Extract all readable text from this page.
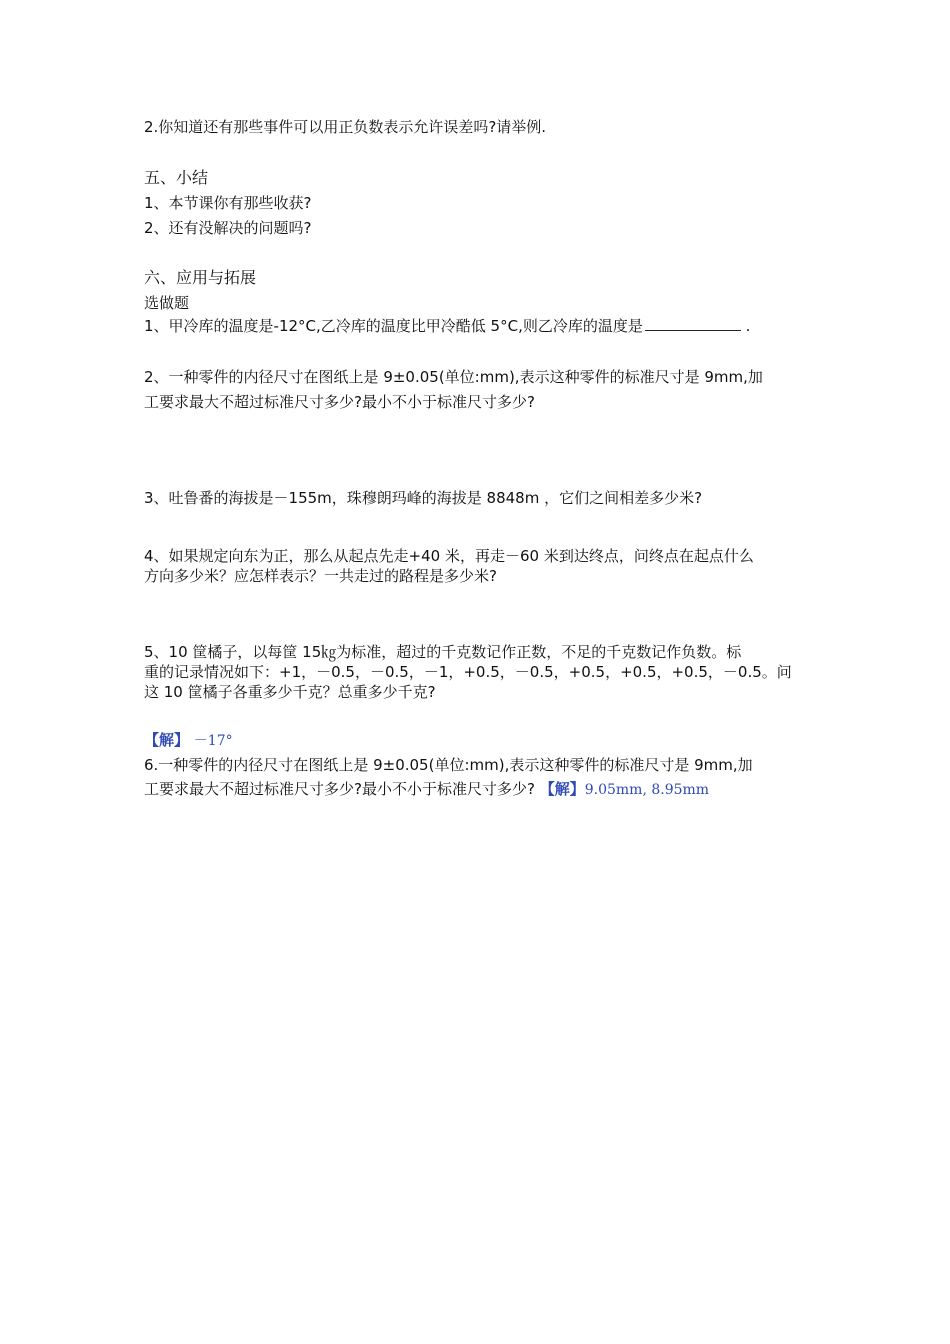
2.你知道还有那些事件可以用正负数表示允许误差吗?请举例.
五、小结
1、本节课你有那些收获?
2、还有没解决的问题吗?
六、应用与拓展
选做题
1、甲冷库的温度是-12°C,乙冷库的温度比甲冷酷低 5°C,则乙冷库的温度是	.
2、一种零件的内径尺寸在图纸上是 9±0.05(单位:mm),表示这种零件的标准尺寸是 9mm,加
工要求最大不超过标准尺寸多少?最小不小于标准尺寸多少?
3、吐鲁番的海拔是－155m，珠穆朗玛峰的海拔是 8848m ，它们之间相差多少米?
4、如果规定向东为正，那么从起点先走+40 米，再走－60 米到达终点，问终点在起点什么
方向多少米？应怎样表示？一共走过的路程是多少米?
5、10 筐橘子，以每筐 15㎏为标准，超过的千克数记作正数，不足的千克数记作负数。标
重的记录情况如下：+1，－0.5，－0.5，－1，+0.5，－0.5，+0.5，+0.5，+0.5，－0.5。问
这 10 筐橘子各重多少千克？总重多少千克?
【解】 －17°
6.一种零件的内径尺寸在图纸上是 9±0.05(单位:mm),表示这种零件的标准尺寸是 9mm,加
工要求最大不超过标准尺寸多少?最小不小于标准尺寸多少? 【解】9.05mm, 8.95mm
